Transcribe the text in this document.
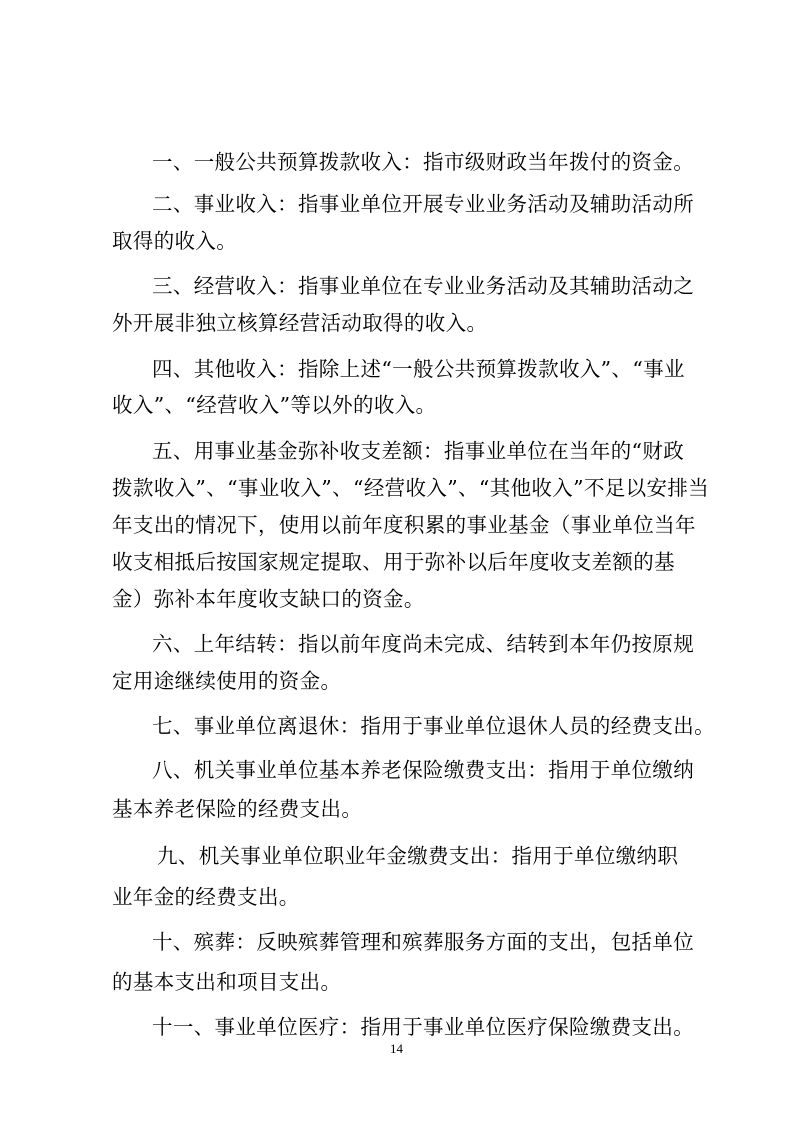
一、一般公共预算拨款收入：指市级财政当年拨付的资金。
二、事业收入：指事业单位开展专业业务活动及辅助活动所
取得的收入。
三、经营收入：指事业单位在专业业务活动及其辅助活动之
外开展非独立核算经营活动取得的收入。
四、其他收入：指除上述“一般公共预算拨款收入”、“事业
收入”、“经营收入”等以外的收入。
五、用事业基金弥补收支差额：指事业单位在当年的“财政
拨款收入”、“事业收入”、“经营收入”、“其他收入”不足以安排当
年支出的情况下，使用以前年度积累的事业基金（事业单位当年
收支相抵后按国家规定提取、用于弥补以后年度收支差额的基
金）弥补本年度收支缺口的资金。
六、上年结转：指以前年度尚未完成、结转到本年仍按原规
定用途继续使用的资金。
七、事业单位离退休：指用于事业单位退休人员的经费支出。
八、机关事业单位基本养老保险缴费支出：指用于单位缴纳
基本养老保险的经费支出。
九、机关事业单位职业年金缴费支出：指用于单位缴纳职
业年金的经费支出。
十、殡葬：反映殡葬管理和殡葬服务方面的支出，包括单位
的基本支出和项目支出。
十一、事业单位医疗：指用于事业单位医疗保险缴费支出。
14
